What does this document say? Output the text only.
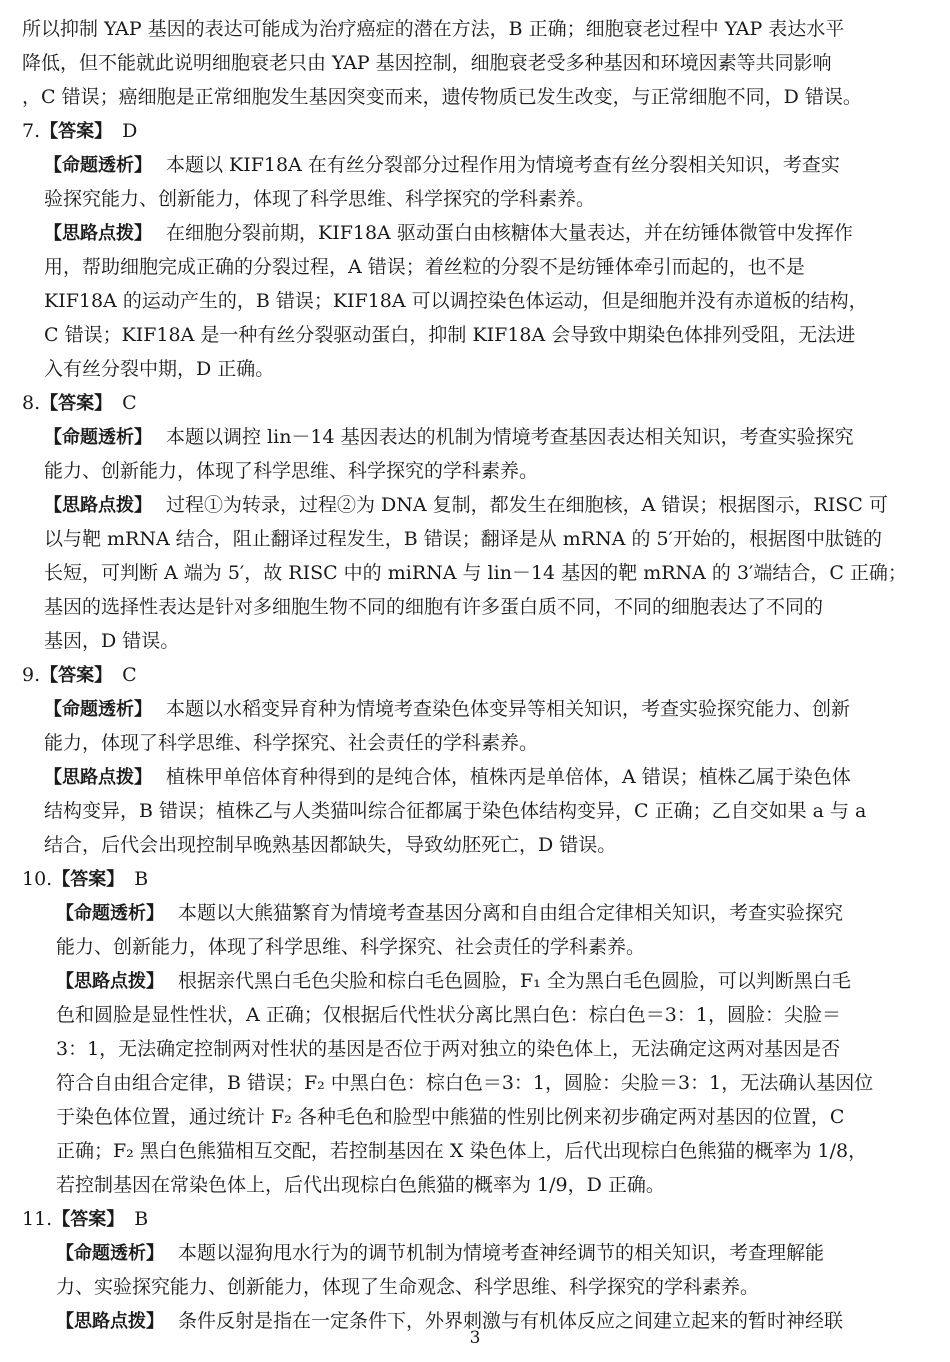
所以抑制 YAP 基因的表达可能成为治疗癌症的潜在方法，B 正确；细胞衰老过程中 YAP 表达水平
降低，但不能就此说明细胞衰老只由 YAP 基因控制，细胞衰老受多种基因和环境因素等共同影响
，C 错误；癌细胞是正常细胞发生基因突变而来，遗传物质已发生改变，与正常细胞不同，D 错误。
7.【答案】 D
【命题透析】 本题以 KIF18A 在有丝分裂部分过程作用为情境考查有丝分裂相关知识，考查实
验探究能力、创新能力，体现了科学思维、科学探究的学科素养。
【思路点拨】 在细胞分裂前期，KIF18A 驱动蛋白由核糖体大量表达，并在纺锤体微管中发挥作
用，帮助细胞完成正确的分裂过程，A 错误；着丝粒的分裂不是纺锤体牵引而起的，也不是
KIF18A 的运动产生的，B 错误；KIF18A 可以调控染色体运动，但是细胞并没有赤道板的结构，
C 错误；KIF18A 是一种有丝分裂驱动蛋白，抑制 KIF18A 会导致中期染色体排列受阻，无法进
入有丝分裂中期，D 正确。
8.【答案】 C
【命题透析】 本题以调控 lin－14 基因表达的机制为情境考查基因表达相关知识，考查实验探究
能力、创新能力，体现了科学思维、科学探究的学科素养。
【思路点拨】 过程①为转录，过程②为 DNA 复制，都发生在细胞核，A 错误；根据图示，RISC 可
以与靶 mRNA 结合，阻止翻译过程发生，B 错误；翻译是从 mRNA 的 5′开始的，根据图中肽链的
长短，可判断 A 端为 5′，故 RISC 中的 miRNA 与 lin－14 基因的靶 mRNA 的 3′端结合，C 正确；
基因的选择性表达是针对多细胞生物不同的细胞有许多蛋白质不同，不同的细胞表达了不同的
基因，D 错误。
9.【答案】 C
【命题透析】 本题以水稻变异育种为情境考查染色体变异等相关知识，考查实验探究能力、创新
能力，体现了科学思维、科学探究、社会责任的学科素养。
【思路点拨】 植株甲单倍体育种得到的是纯合体，植株丙是单倍体，A 错误；植株乙属于染色体
结构变异，B 错误；植株乙与人类猫叫综合征都属于染色体结构变异，C 正确；乙自交如果 a 与 a
结合，后代会出现控制早晚熟基因都缺失，导致幼胚死亡，D 错误。
10.【答案】 B
【命题透析】 本题以大熊猫繁育为情境考查基因分离和自由组合定律相关知识，考查实验探究
能力、创新能力，体现了科学思维、科学探究、社会责任的学科素养。
【思路点拨】 根据亲代黑白毛色尖脸和棕白毛色圆脸，F₁ 全为黑白毛色圆脸，可以判断黑白毛
色和圆脸是显性性状，A 正确；仅根据后代性状分离比黑白色：棕白色＝3：1，圆脸：尖脸＝
3：1，无法确定控制两对性状的基因是否位于两对独立的染色体上，无法确定这两对基因是否
符合自由组合定律，B 错误；F₂ 中黑白色：棕白色＝3：1，圆脸：尖脸＝3：1，无法确认基因位
于染色体位置，通过统计 F₂ 各种毛色和脸型中熊猫的性别比例来初步确定两对基因的位置，C
正确；F₂ 黑白色熊猫相互交配，若控制基因在 X 染色体上，后代出现棕白色熊猫的概率为 1/8，
若控制基因在常染色体上，后代出现棕白色熊猫的概率为 1/9，D 正确。
11.【答案】 B
【命题透析】 本题以湿狗甩水行为的调节机制为情境考查神经调节的相关知识，考查理解能
力、实验探究能力、创新能力，体现了生命观念、科学思维、科学探究的学科素养。
【思路点拨】 条件反射是指在一定条件下，外界刺激与有机体反应之间建立起来的暂时神经联
3
